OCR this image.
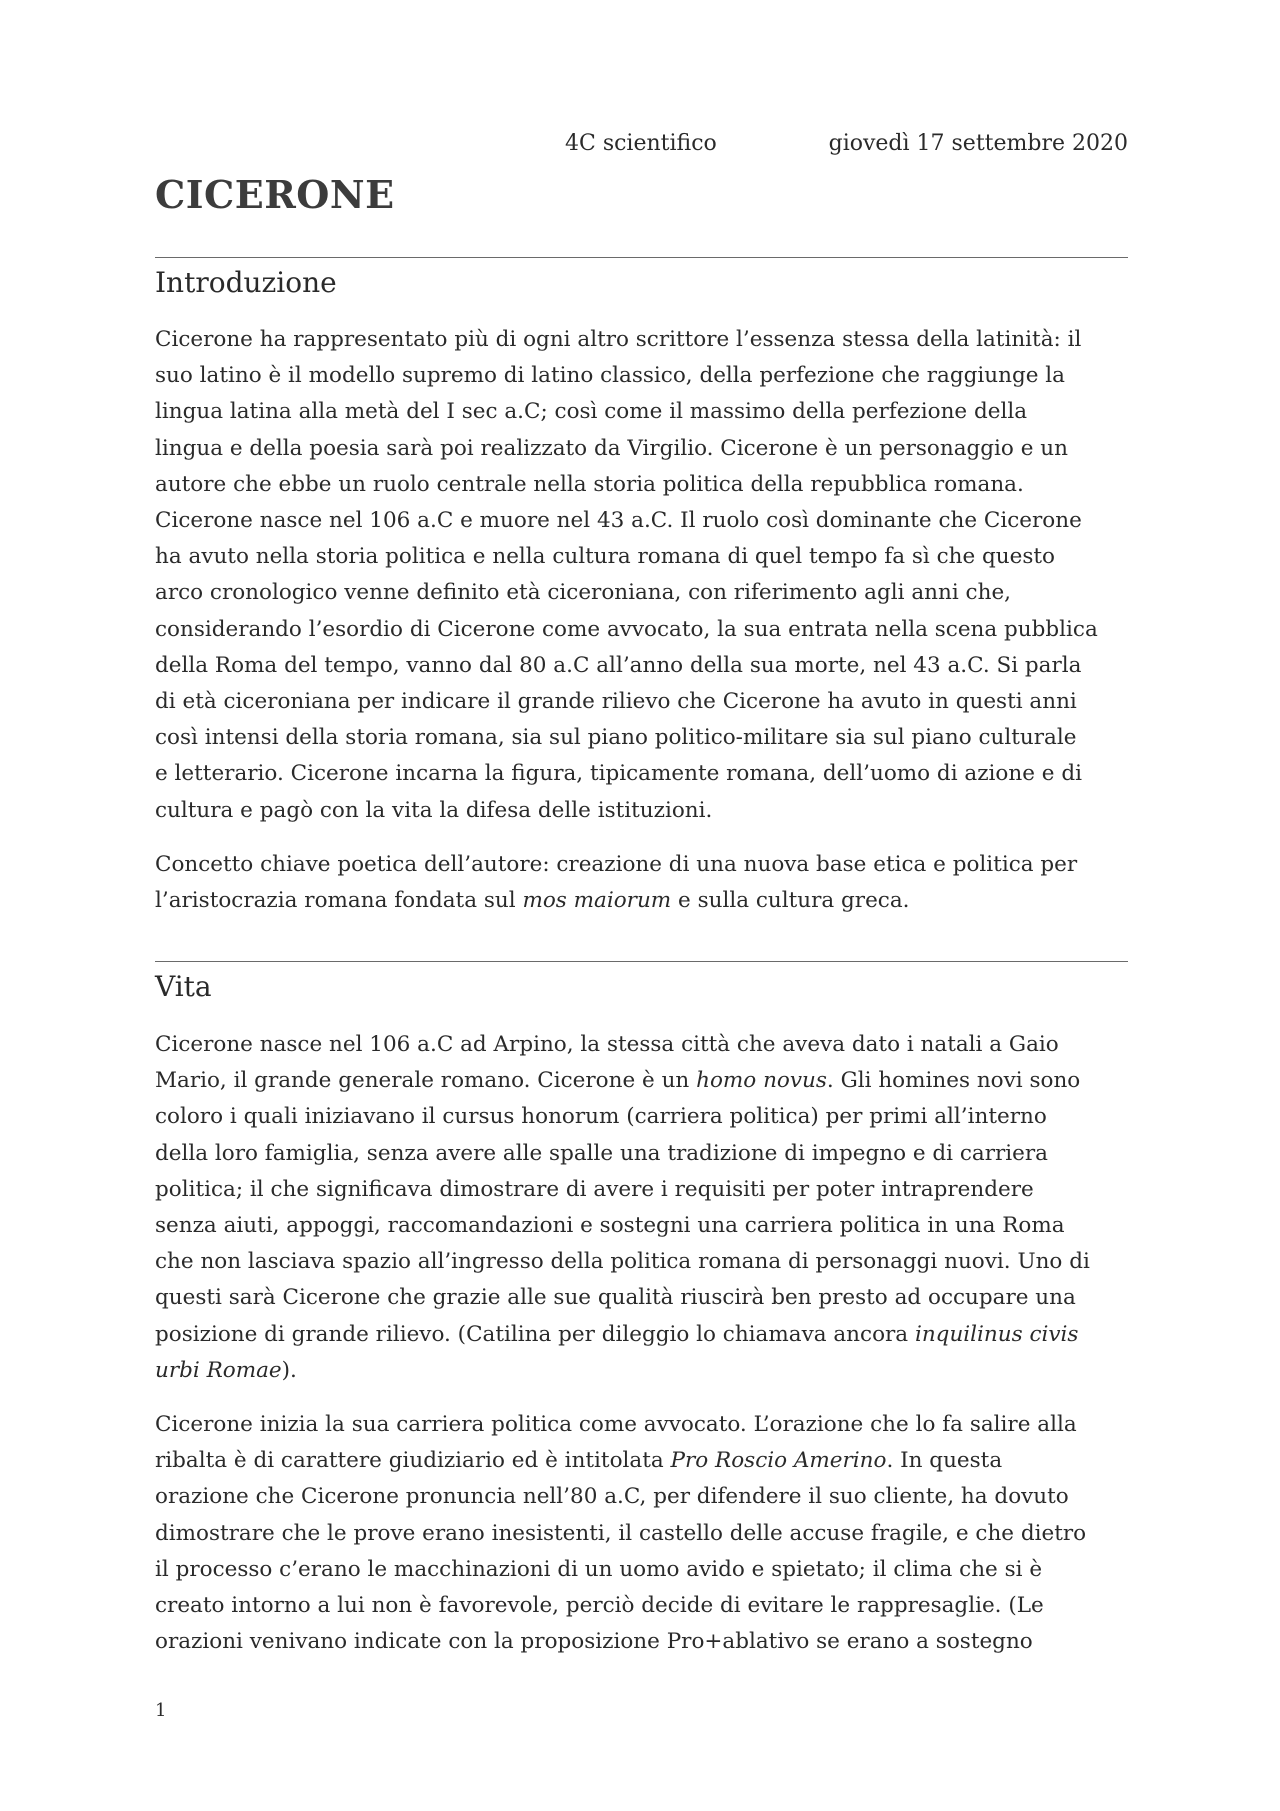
4C scientifico	giovedì 17 settembre 2020
CICERONE
Introduzione

Cicerone ha rappresentato più di ogni altro scrittore l’essenza stessa della latinità: il
suo latino è il modello supremo di latino classico, della perfezione che raggiunge la
lingua latina alla metà del I sec a.C; così come il massimo della perfezione della
lingua e della poesia sarà poi realizzato da Virgilio. Cicerone è un personaggio e un
autore che ebbe un ruolo centrale nella storia politica della repubblica romana.
Cicerone nasce nel 106 a.C e muore nel 43 a.C. Il ruolo così dominante che Cicerone
ha avuto nella storia politica e nella cultura romana di quel tempo fa sì che questo
arco cronologico venne definito età ciceroniana, con riferimento agli anni che,
considerando l’esordio di Cicerone come avvocato, la sua entrata nella scena pubblica
della Roma del tempo, vanno dal 80 a.C all’anno della sua morte, nel 43 a.C. Si parla
di età ciceroniana per indicare il grande rilievo che Cicerone ha avuto in questi anni
così intensi della storia romana, sia sul piano politico-militare sia sul piano culturale
e letterario. Cicerone incarna la figura, tipicamente romana, dell’uomo di azione e di
cultura e pagò con la vita la difesa delle istituzioni.

Concetto chiave poetica dell’autore: creazione di una nuova base etica e politica per
l’aristocrazia romana fondata sul mos maiorum e sulla cultura greca.

Vita

Cicerone nasce nel 106 a.C ad Arpino, la stessa città che aveva dato i natali a Gaio
Mario, il grande generale romano. Cicerone è un homo novus. Gli homines novi sono
coloro i quali iniziavano il cursus honorum (carriera politica) per primi all’interno
della loro famiglia, senza avere alle spalle una tradizione di impegno e di carriera
politica; il che significava dimostrare di avere i requisiti per poter intraprendere
senza aiuti, appoggi, raccomandazioni e sostegni una carriera politica in una Roma
che non lasciava spazio all’ingresso della politica romana di personaggi nuovi. Uno di
questi sarà Cicerone che grazie alle sue qualità riuscirà ben presto ad occupare una
posizione di grande rilievo. (Catilina per dileggio lo chiamava ancora inquilinus civis
urbi Romae).

Cicerone inizia la sua carriera politica come avvocato. L’orazione che lo fa salire alla
ribalta è di carattere giudiziario ed è intitolata Pro Roscio Amerino. In questa
orazione che Cicerone pronuncia nell’80 a.C, per difendere il suo cliente, ha dovuto
dimostrare che le prove erano inesistenti, il castello delle accuse fragile, e che dietro
il processo c’erano le macchinazioni di un uomo avido e spietato; il clima che si è
creato intorno a lui non è favorevole, perciò decide di evitare le rappresaglie. (Le
orazioni venivano indicate con la proposizione Pro+ablativo se erano a sostegno

1
